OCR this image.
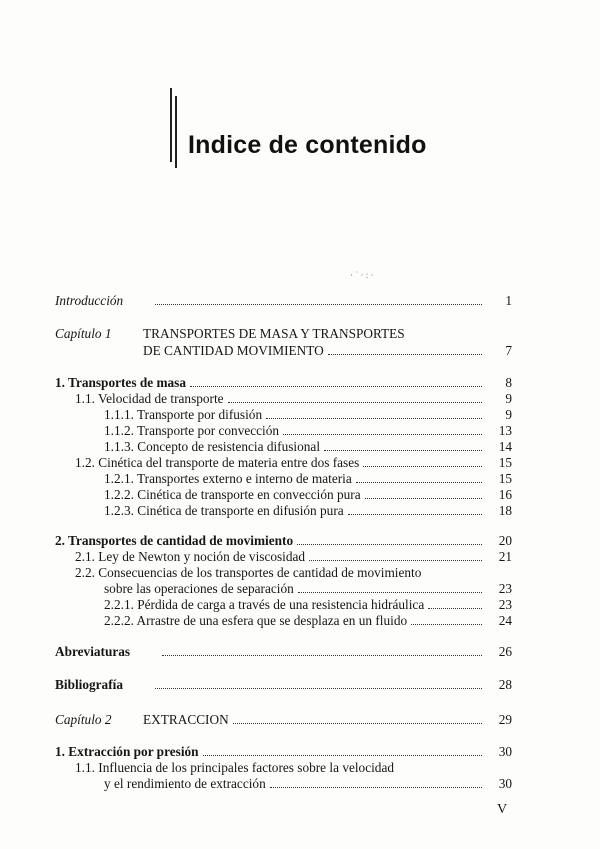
Indice de contenido
· ˙ · : ·
Introducción	1
Capítulo 1 TRANSPORTES DE MASA Y TRANSPORTES
DE CANTIDAD MOVIMIENTO	7
1. Transportes de masa	8
1.1. Velocidad de transporte	9
1.1.1. Transporte por difusión	9
1.1.2. Transporte por convección	13
1.1.3. Concepto de resistencia difusional	14
1.2. Cinética del transporte de materia entre dos fases	15
1.2.1. Transportes externo e interno de materia	15
1.2.2. Cinética de transporte en convección pura	16
1.2.3. Cinética de transporte en difusión pura	18
2. Transportes de cantidad de movimiento	20
2.1. Ley de Newton y noción de viscosidad	21
2.2. Consecuencias de los transportes de cantidad de movimiento
sobre las operaciones de separación	23
2.2.1. Pérdida de carga a través de una resistencia hidráulica	23
2.2.2. Arrastre de una esfera que se desplaza en un fluido	24
Abreviaturas	26
Bibliografía	28
Capítulo 2 EXTRACCION	29
1. Extracción por presión	30
1.1. Influencia de los principales factores sobre la velocidad
y el rendimiento de extracción	30
V
